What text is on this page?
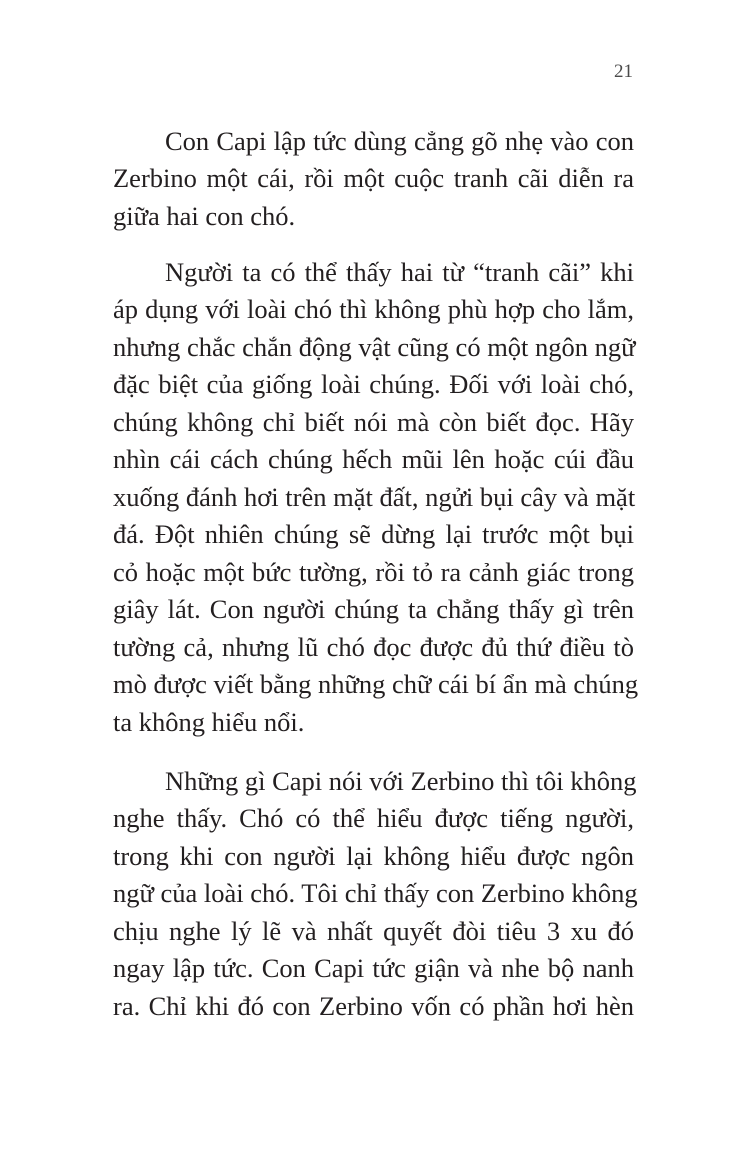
21
Con Capi lập tức dùng cẳng gõ nhẹ vào con
Zerbino một cái, rồi một cuộc tranh cãi diễn ra
giữa hai con chó.
Người ta có thể thấy hai từ “tranh cãi” khi
áp dụng với loài chó thì không phù hợp cho lắm,
nhưng chắc chắn động vật cũng có một ngôn ngữ
đặc biệt của giống loài chúng. Đối với loài chó,
chúng không chỉ biết nói mà còn biết đọc. Hãy
nhìn cái cách chúng hếch mũi lên hoặc cúi đầu
xuống đánh hơi trên mặt đất, ngửi bụi cây và mặt
đá. Đột nhiên chúng sẽ dừng lại trước một bụi
cỏ hoặc một bức tường, rồi tỏ ra cảnh giác trong
giây lát. Con người chúng ta chẳng thấy gì trên
tường cả, nhưng lũ chó đọc được đủ thứ điều tò
mò được viết bằng những chữ cái bí ẩn mà chúng
ta không hiểu nổi.
Những gì Capi nói với Zerbino thì tôi không
nghe thấy. Chó có thể hiểu được tiếng người,
trong khi con người lại không hiểu được ngôn
ngữ của loài chó. Tôi chỉ thấy con Zerbino không
chịu nghe lý lẽ và nhất quyết đòi tiêu 3 xu đó
ngay lập tức. Con Capi tức giận và nhe bộ nanh
ra. Chỉ khi đó con Zerbino vốn có phần hơi hèn
